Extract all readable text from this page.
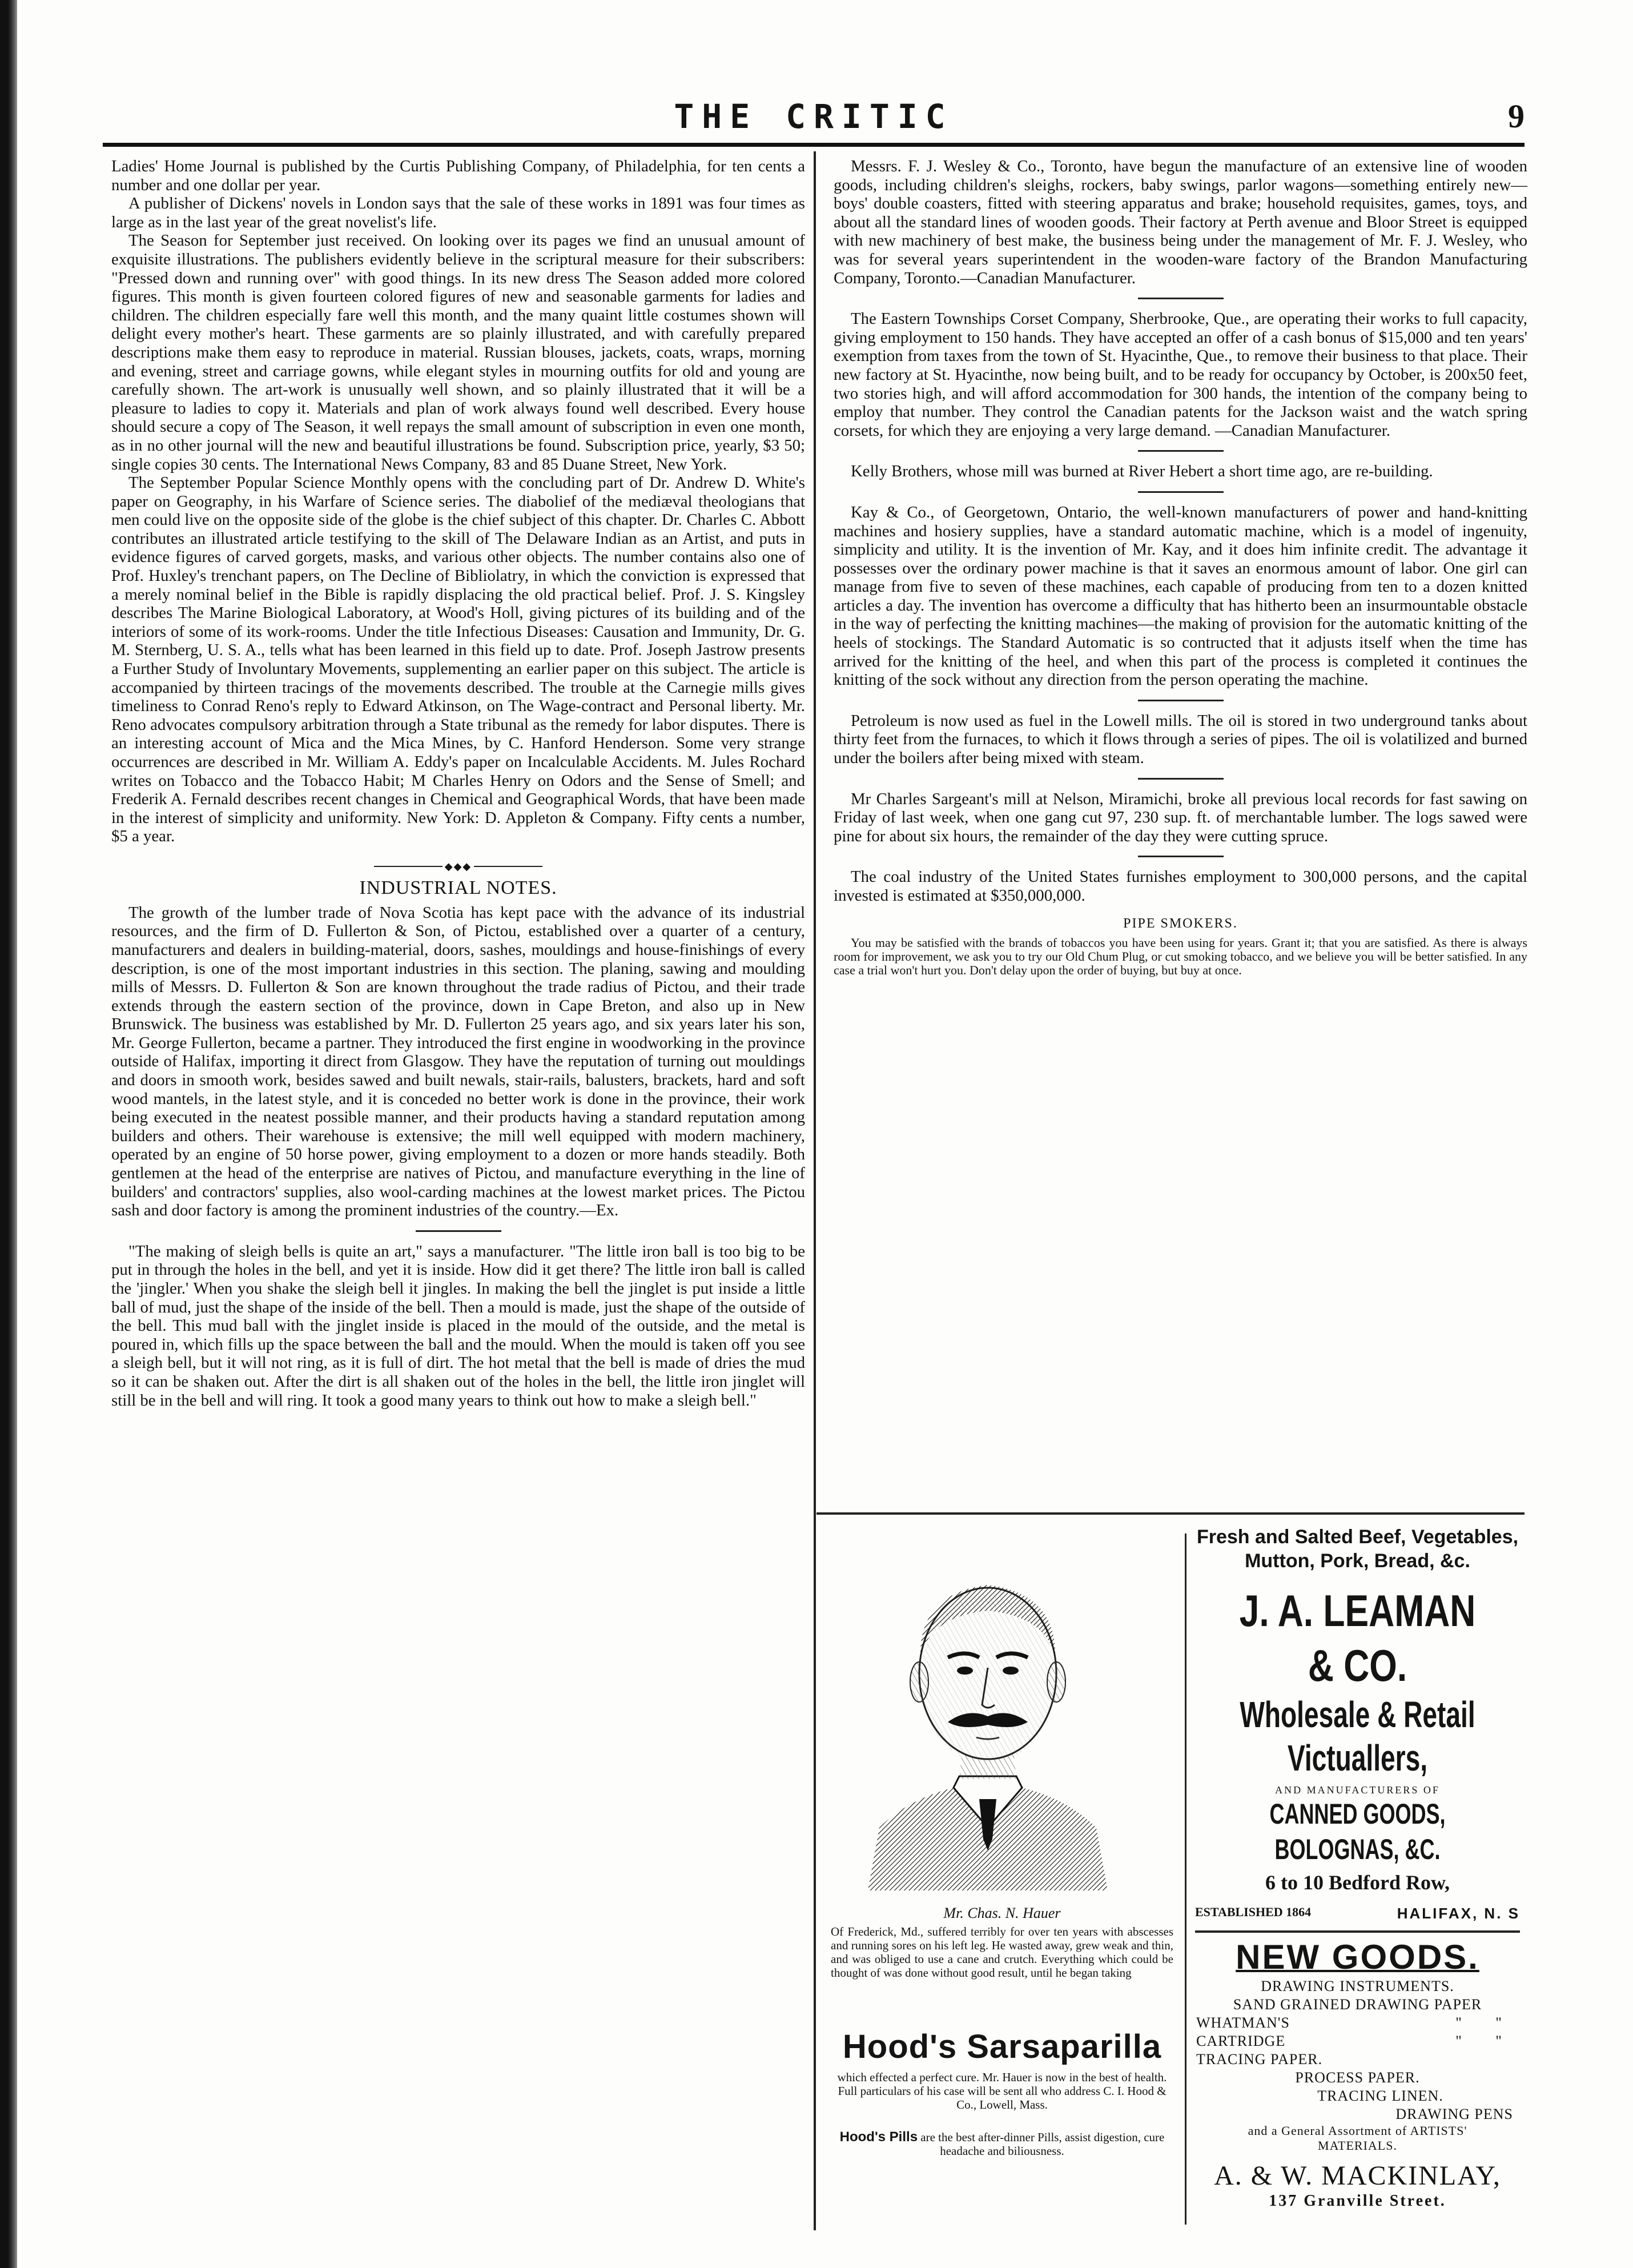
THE CRITIC	9

Ladies' Home Journal is published by the Curtis Publishing Company, of Philadelphia, for ten cents a number and one dollar per year.

A publisher of Dickens' novels in London says that the sale of these works in 1891 was four times as large as in the last year of the great novelist's life.

The Season for September just received. On looking over its pages we find an unusual amount of exquisite illustrations. The publishers evidently believe in the scriptural measure for their subscribers: "Pressed down and running over" with good things. In its new dress The Season added more colored figures. This month is given fourteen colored figures of new and seasonable garments for ladies and children. The children especially fare well this month, and the many quaint little costumes shown will delight every mother's heart. These garments are so plainly illustrated, and with carefully prepared descriptions make them easy to reproduce in material. Russian blouses, jackets, coats, wraps, morning and evening, street and carriage gowns, while elegant styles in mourning outfits for old and young are carefully shown. The art-work is unusually well shown, and so plainly illustrated that it will be a pleasure to ladies to copy it. Materials and plan of work always found well described. Every house should secure a copy of The Season, it well repays the small amount of subscription in even one month, as in no other journal will the new and beautiful illustrations be found. Subscription price, yearly, $3 50; single copies 30 cents. The International News Company, 83 and 85 Duane Street, New York.

The September Popular Science Monthly opens with the concluding part of Dr. Andrew D. White's paper on Geography, in his Warfare of Science series. The diabolief of the mediæval theologians that men could live on the opposite side of the globe is the chief subject of this chapter. Dr. Charles C. Abbott contributes an illustrated article testifying to the skill of The Delaware Indian as an Artist, and puts in evidence figures of carved gorgets, masks, and various other objects. The number contains also one of Prof. Huxley's trenchant papers, on The Decline of Bibliolatry, in which the conviction is expressed that a merely nominal belief in the Bible is rapidly displacing the old practical belief. Prof. J. S. Kingsley describes The Marine Biological Laboratory, at Wood's Holl, giving pictures of its building and of the interiors of some of its work-rooms. Under the title Infectious Diseases: Causation and Immunity, Dr. G. M. Sternberg, U. S. A., tells what has been learned in this field up to date. Prof. Joseph Jastrow presents a Further Study of Involuntary Movements, supplementing an earlier paper on this subject. The article is accompanied by thirteen tracings of the movements described. The trouble at the Carnegie mills gives timeliness to Conrad Reno's reply to Edward Atkinson, on The Wage-contract and Personal liberty. Mr. Reno advocates compulsory arbitration through a State tribunal as the remedy for labor disputes. There is an interesting account of Mica and the Mica Mines, by C. Hanford Henderson. Some very strange occurrences are described in Mr. William A. Eddy's paper on Incalculable Accidents. M. Jules Rochard writes on Tobacco and the Tobacco Habit; M Charles Henry on Odors and the Sense of Smell; and Frederik A. Fernald describes recent changes in Chemical and Geographical Words, that have been made in the interest of simplicity and uniformity. New York: D. Appleton & Company. Fifty cents a number, $5 a year.

◆◆◆
INDUSTRIAL NOTES.

The growth of the lumber trade of Nova Scotia has kept pace with the advance of its industrial resources, and the firm of D. Fullerton & Son, of Pictou, established over a quarter of a century, manufacturers and dealers in building-material, doors, sashes, mouldings and house-finishings of every description, is one of the most important industries in this section. The planing, sawing and moulding mills of Messrs. D. Fullerton & Son are known throughout the trade radius of Pictou, and their trade extends through the eastern section of the province, down in Cape Breton, and also up in New Brunswick. The business was established by Mr. D. Fullerton 25 years ago, and six years later his son, Mr. George Fullerton, became a partner. They introduced the first engine in woodworking in the province outside of Halifax, importing it direct from Glasgow. They have the reputation of turning out mouldings and doors in smooth work, besides sawed and built newals, stair-rails, balusters, brackets, hard and soft wood mantels, in the latest style, and it is conceded no better work is done in the province, their work being executed in the neatest possible manner, and their products having a standard reputation among builders and others. Their warehouse is extensive; the mill well equipped with modern machinery, operated by an engine of 50 horse power, giving employment to a dozen or more hands steadily. Both gentlemen at the head of the enterprise are natives of Pictou, and manufacture everything in the line of builders' and contractors' supplies, also wool-carding machines at the lowest market prices. The Pictou sash and door factory is among the prominent industries of the country.—Ex.

"The making of sleigh bells is quite an art," says a manufacturer. "The little iron ball is too big to be put in through the holes in the bell, and yet it is inside. How did it get there? The little iron ball is called the 'jingler.' When you shake the sleigh bell it jingles. In making the bell the jinglet is put inside a little ball of mud, just the shape of the inside of the bell. Then a mould is made, just the shape of the outside of the bell. This mud ball with the jinglet inside is placed in the mould of the outside, and the metal is poured in, which fills up the space between the ball and the mould. When the mould is taken off you see a sleigh bell, but it will not ring, as it is full of dirt. The hot metal that the bell is made of dries the mud so it can be shaken out. After the dirt is all shaken out of the holes in the bell, the little iron jinglet will still be in the bell and will ring. It took a good many years to think out how to make a sleigh bell."

Messrs. F. J. Wesley & Co., Toronto, have begun the manufacture of an extensive line of wooden goods, including children's sleighs, rockers, baby swings, parlor wagons—something entirely new—boys' double coasters, fitted with steering apparatus and brake; household requisites, games, toys, and about all the standard lines of wooden goods. Their factory at Perth avenue and Bloor Street is equipped with new machinery of best make, the business being under the management of Mr. F. J. Wesley, who was for several years superintendent in the wooden-ware factory of the Brandon Manufacturing Company, Toronto.—Canadian Manufacturer.

The Eastern Townships Corset Company, Sherbrooke, Que., are operating their works to full capacity, giving employment to 150 hands. They have accepted an offer of a cash bonus of $15,000 and ten years' exemption from taxes from the town of St. Hyacinthe, Que., to remove their business to that place. Their new factory at St. Hyacinthe, now being built, and to be ready for occupancy by October, is 200x50 feet, two stories high, and will afford accommodation for 300 hands, the intention of the company being to employ that number. They control the Canadian patents for the Jackson waist and the watch spring corsets, for which they are enjoying a very large demand. —Canadian Manufacturer.

Kelly Brothers, whose mill was burned at River Hebert a short time ago, are re-building.

Kay & Co., of Georgetown, Ontario, the well-known manufacturers of power and hand-knitting machines and hosiery supplies, have a standard automatic machine, which is a model of ingenuity, simplicity and utility. It is the invention of Mr. Kay, and it does him infinite credit. The advantage it possesses over the ordinary power machine is that it saves an enormous amount of labor. One girl can manage from five to seven of these machines, each capable of producing from ten to a dozen knitted articles a day. The invention has overcome a difficulty that has hitherto been an insurmountable obstacle in the way of perfecting the knitting machines—the making of provision for the automatic knitting of the heels of stockings. The Standard Automatic is so contructed that it adjusts itself when the time has arrived for the knitting of the heel, and when this part of the process is completed it continues the knitting of the sock without any direction from the person operating the machine.

Petroleum is now used as fuel in the Lowell mills. The oil is stored in two underground tanks about thirty feet from the furnaces, to which it flows through a series of pipes. The oil is volatilized and burned under the boilers after being mixed with steam.

Mr Charles Sargeant's mill at Nelson, Miramichi, broke all previous local records for fast sawing on Friday of last week, when one gang cut 97, 230 sup. ft. of merchantable lumber. The logs sawed were pine for about six hours, the remainder of the day they were cutting spruce.

The coal industry of the United States furnishes employment to 300,000 persons, and the capital invested is estimated at $350,000,000.

PIPE SMOKERS.

You may be satisfied with the brands of tobaccos you have been using for years. Grant it; that you are satisfied. As there is always room for improvement, we ask you to try our Old Chum Plug, or cut smoking tobacco, and we believe you will be better satisfied. In any case a trial won't hurt you. Don't delay upon the order of buying, but buy at once.

Mr. Chas. N. Hauer

Of Frederick, Md., suffered terribly for over ten years with abscesses and running sores on his left leg. He wasted away, grew weak and thin, and was obliged to use a cane and crutch. Everything which could be thought of was done without good result, until he began taking

Hood's Sarsaparilla
which effected a perfect cure. Mr. Hauer is now in the best of health. Full particulars of his case will be sent all who address C. I. Hood & Co., Lowell, Mass.
Hood's Pills are the best after-dinner Pills, assist digestion, cure headache and biliousness.
Fresh and Salted Beef, Vegetables,
Mutton, Pork, Bread, &c.
J. A. LEAMAN & CO.
Wholesale & Retail Victuallers,
AND MANUFACTURERS OF
CANNED GOODS, BOLOGNAS, &C.
6 to 10 Bedford Row,
ESTABLISHED 1864	HALIFAX, N. S
NEW GOODS.
DRAWING INSTRUMENTS.
SAND GRAINED DRAWING PAPER
WHATMAN'S	"	"
CARTRIDGE	"	"
TRACING PAPER.
PROCESS PAPER.
TRACING LINEN.
DRAWING PENS
and a General Assortment of ARTISTS' MATERIALS.
A. & W. MACKINLAY,
137 Granville Street.
